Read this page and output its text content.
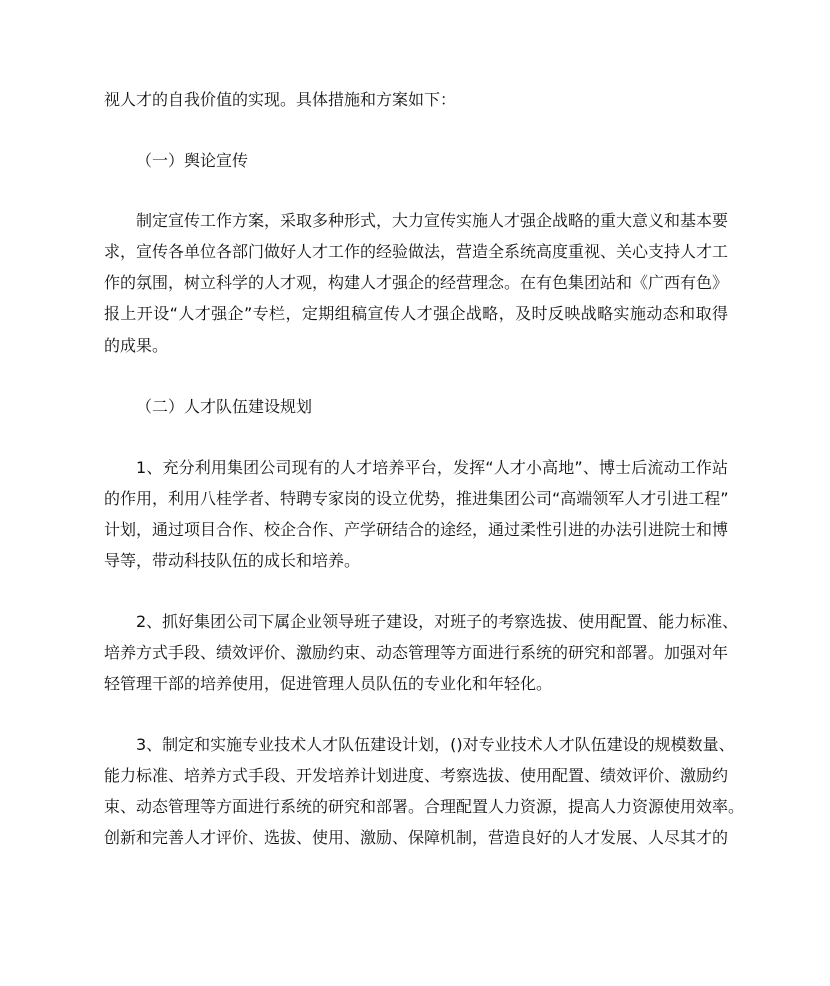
视人才的自我价值的实现。具体措施和方案如下：
（一）舆论宣传
制定宣传工作方案，采取多种形式，大力宣传实施人才强企战略的重大意义和基本要
求，宣传各单位各部门做好人才工作的经验做法，营造全系统高度重视、关心支持人才工
作的氛围，树立科学的人才观，构建人才强企的经营理念。在有色集团站和《广西有色》
报上开设“人才强企”专栏，定期组稿宣传人才强企战略，及时反映战略实施动态和取得
的成果。
（二）人才队伍建设规划
1、充分利用集团公司现有的人才培养平台，发挥“人才小高地”、博士后流动工作站
的作用，利用八桂学者、特聘专家岗的设立优势，推进集团公司“高端领军人才引进工程”
计划，通过项目合作、校企合作、产学研结合的途经，通过柔性引进的办法引进院士和博
导等，带动科技队伍的成长和培养。
2、抓好集团公司下属企业领导班子建设，对班子的考察选拔、使用配置、能力标准、
培养方式手段、绩效评价、激励约束、动态管理等方面进行系统的研究和部署。加强对年
轻管理干部的培养使用，促进管理人员队伍的专业化和年轻化。
3、制定和实施专业技术人才队伍建设计划，()对专业技术人才队伍建设的规模数量、
能力标准、培养方式手段、开发培养计划进度、考察选拔、使用配置、绩效评价、激励约
束、动态管理等方面进行系统的研究和部署。合理配置人力资源，提高人力资源使用效率。
创新和完善人才评价、选拔、使用、激励、保障机制，营造良好的人才发展、人尽其才的
